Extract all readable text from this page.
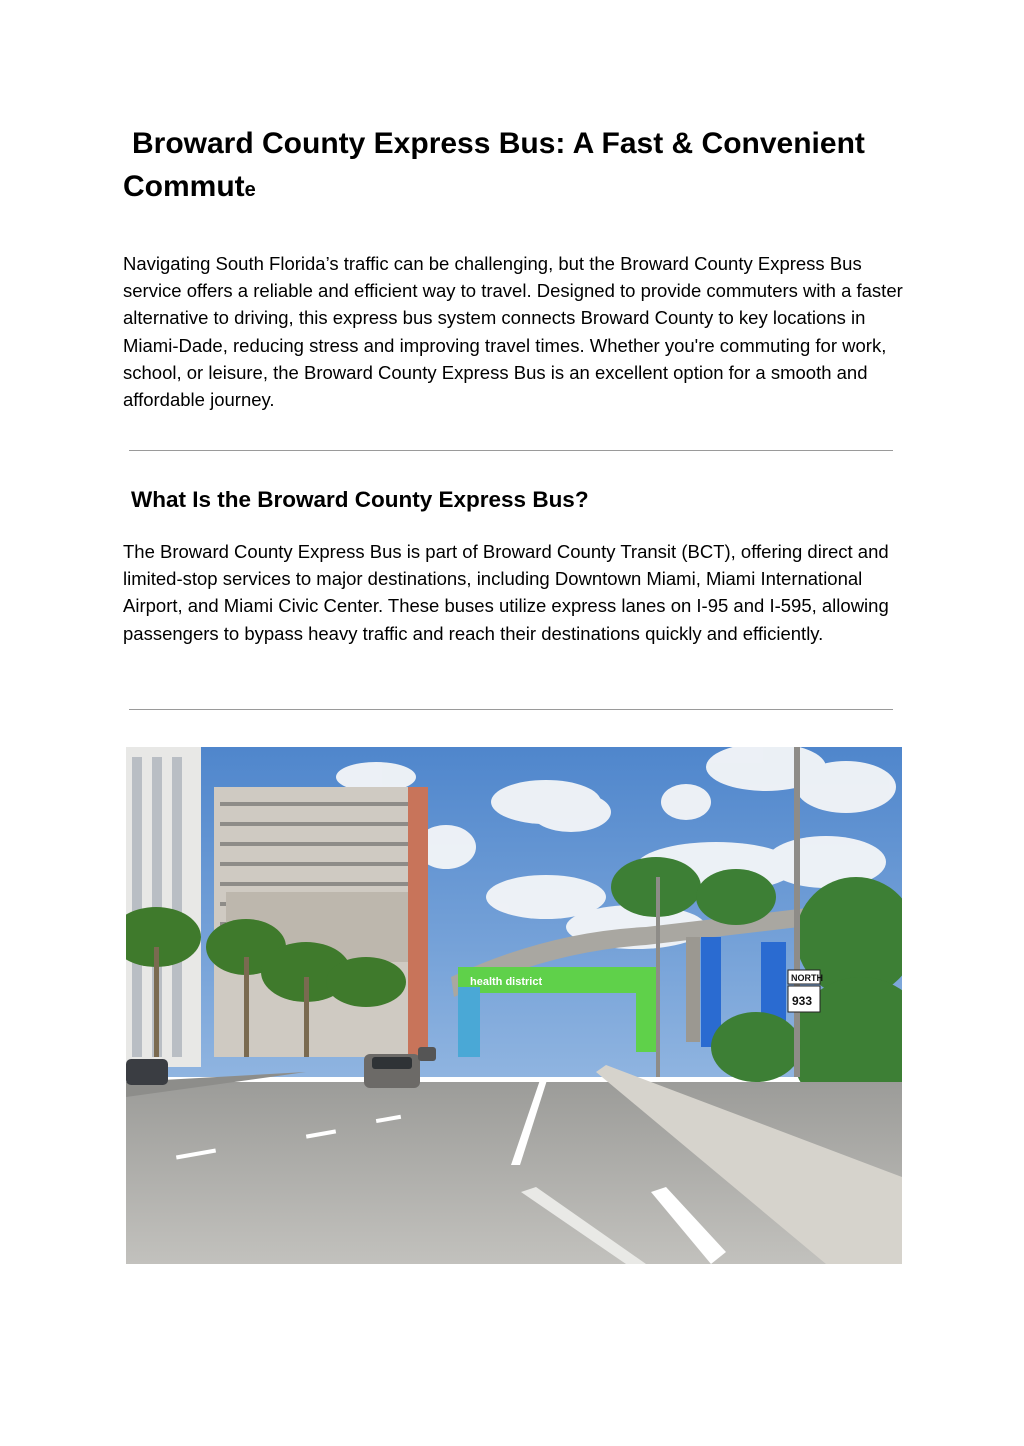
Broward County Express Bus: A Fast & Convenient Commute

Navigating South Florida’s traffic can be challenging, but the Broward County Express Bus service offers a reliable and efficient way to travel. Designed to provide commuters with a faster alternative to driving, this express bus system connects Broward County to key locations in Miami-Dade, reducing stress and improving travel times. Whether you're commuting for work, school, or leisure, the Broward County Express Bus is an excellent option for a smooth and affordable journey.

What Is the Broward County Express Bus?

The Broward County Express Bus is part of Broward County Transit (BCT), offering direct and limited-stop services to major destinations, including Downtown Miami, Miami International Airport, and Miami Civic Center. These buses utilize express lanes on I-95 and I-595, allowing passengers to bypass heavy traffic and reach their destinations quickly and efficiently.

health district	NORTH
933
